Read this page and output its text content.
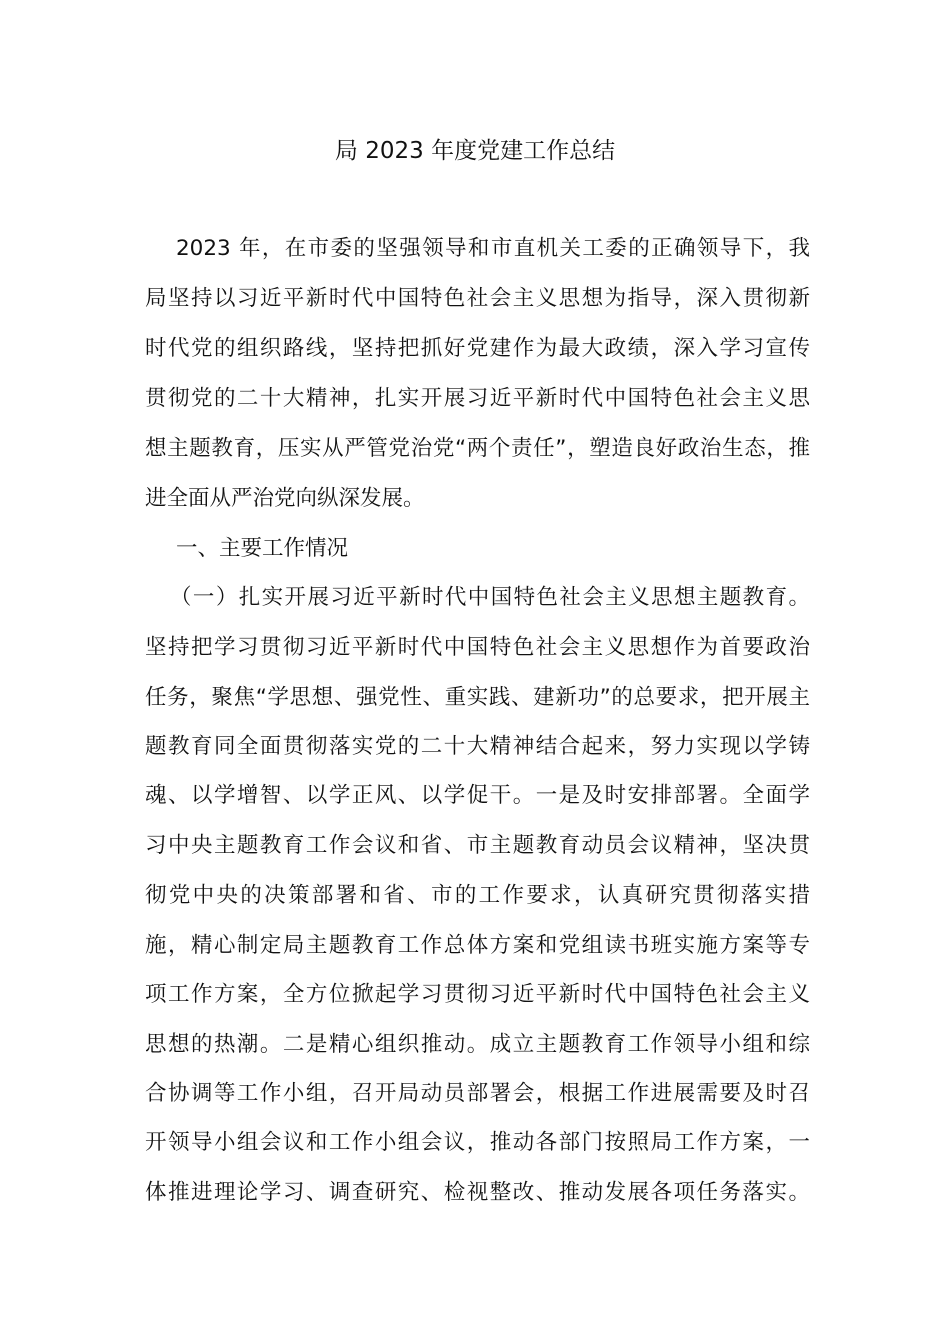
局 2023 年度党建工作总结
2023 年，在市委的坚强领导和市直机关工委的正确领导下，我
局坚持以习近平新时代中国特色社会主义思想为指导，深入贯彻新
时代党的组织路线，坚持把抓好党建作为最大政绩，深入学习宣传
贯彻党的二十大精神，扎实开展习近平新时代中国特色社会主义思
想主题教育，压实从严管党治党“两个责任”，塑造良好政治生态，推
进全面从严治党向纵深发展。
一、主要工作情况
（一）扎实开展习近平新时代中国特色社会主义思想主题教育。
坚持把学习贯彻习近平新时代中国特色社会主义思想作为首要政治
任务，聚焦“学思想、强党性、重实践、建新功”的总要求，把开展主
题教育同全面贯彻落实党的二十大精神结合起来，努力实现以学铸
魂、以学增智、以学正风、以学促干。一是及时安排部署。全面学
习中央主题教育工作会议和省、市主题教育动员会议精神，坚决贯
彻党中央的决策部署和省、市的工作要求，认真研究贯彻落实措
施，精心制定局主题教育工作总体方案和党组读书班实施方案等专
项工作方案，全方位掀起学习贯彻习近平新时代中国特色社会主义
思想的热潮。二是精心组织推动。成立主题教育工作领导小组和综
合协调等工作小组，召开局动员部署会，根据工作进展需要及时召
开领导小组会议和工作小组会议，推动各部门按照局工作方案，一
体推进理论学习、调查研究、检视整改、推动发展各项任务落实。
